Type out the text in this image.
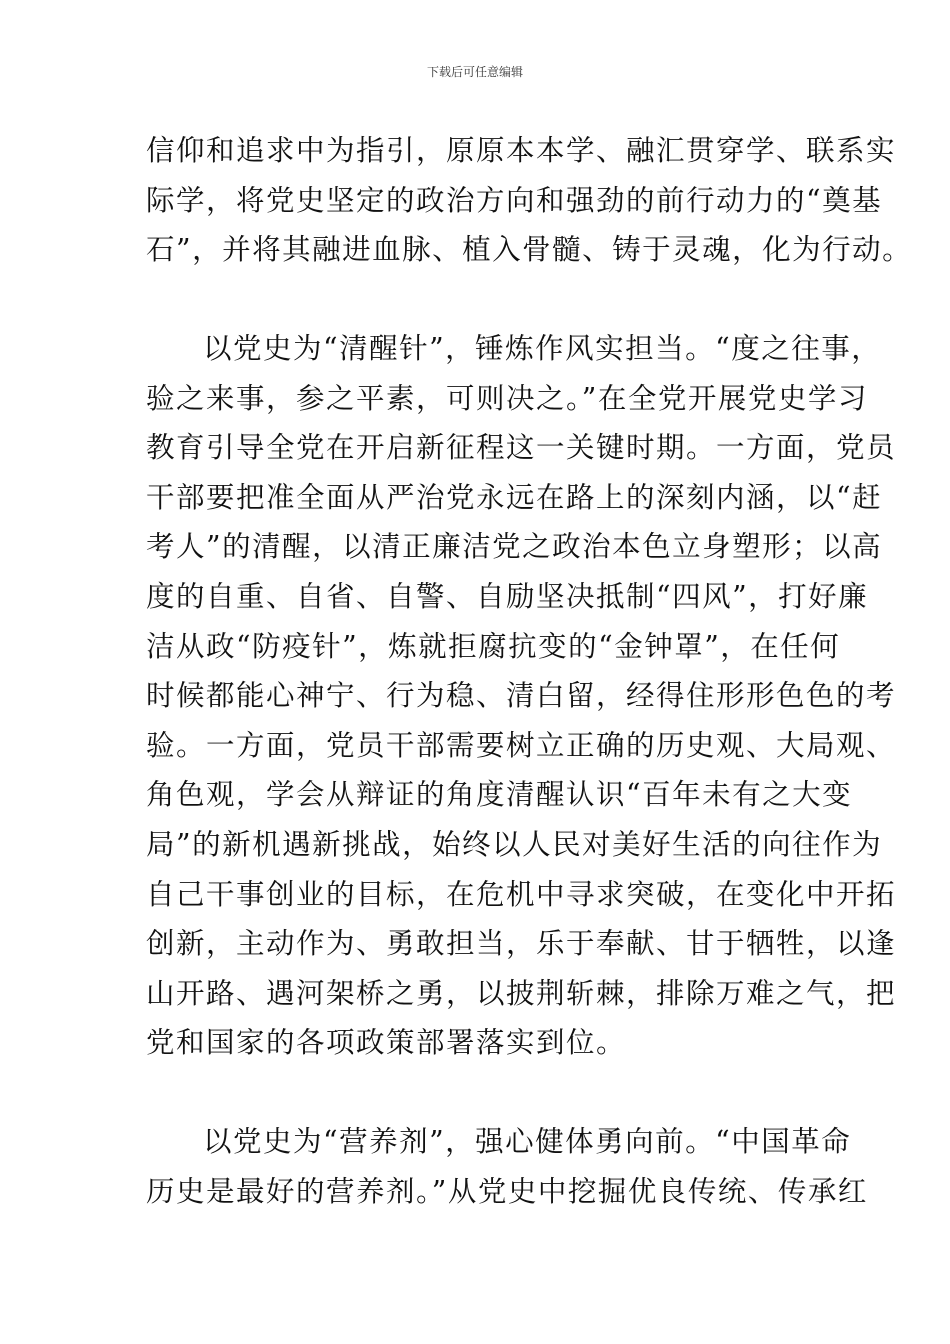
下载后可任意编辑
信仰和追求中为指引，原原本本学、融汇贯穿学、联系实
际学，将党史坚定的政治方向和强劲的前行动力的“奠基
石”，并将其融进血脉、植入骨髓、铸于灵魂，化为行动。
以党史为“清醒针”，锤炼作风实担当。“度之往事，
验之来事，参之平素，可则决之。”在全党开展党史学习
教育引导全党在开启新征程这一关键时期。一方面，党员
干部要把准全面从严治党永远在路上的深刻内涵，以“赶
考人”的清醒，以清正廉洁党之政治本色立身塑形；以高
度的自重、自省、自警、自励坚决抵制“四风”，打好廉
洁从政“防疫针”，炼就拒腐抗变的“金钟罩”，在任何
时候都能心神宁、行为稳、清白留，经得住形形色色的考
验。一方面，党员干部需要树立正确的历史观、大局观、
角色观，学会从辩证的角度清醒认识“百年未有之大变
局”的新机遇新挑战，始终以人民对美好生活的向往作为
自己干事创业的目标，在危机中寻求突破，在变化中开拓
创新，主动作为、勇敢担当，乐于奉献、甘于牺牲，以逢
山开路、遇河架桥之勇，以披荆斩棘，排除万难之气，把
党和国家的各项政策部署落实到位。
以党史为“营养剂”，强心健体勇向前。“中国革命
历史是最好的营养剂。”从党史中挖掘优良传统、传承红
